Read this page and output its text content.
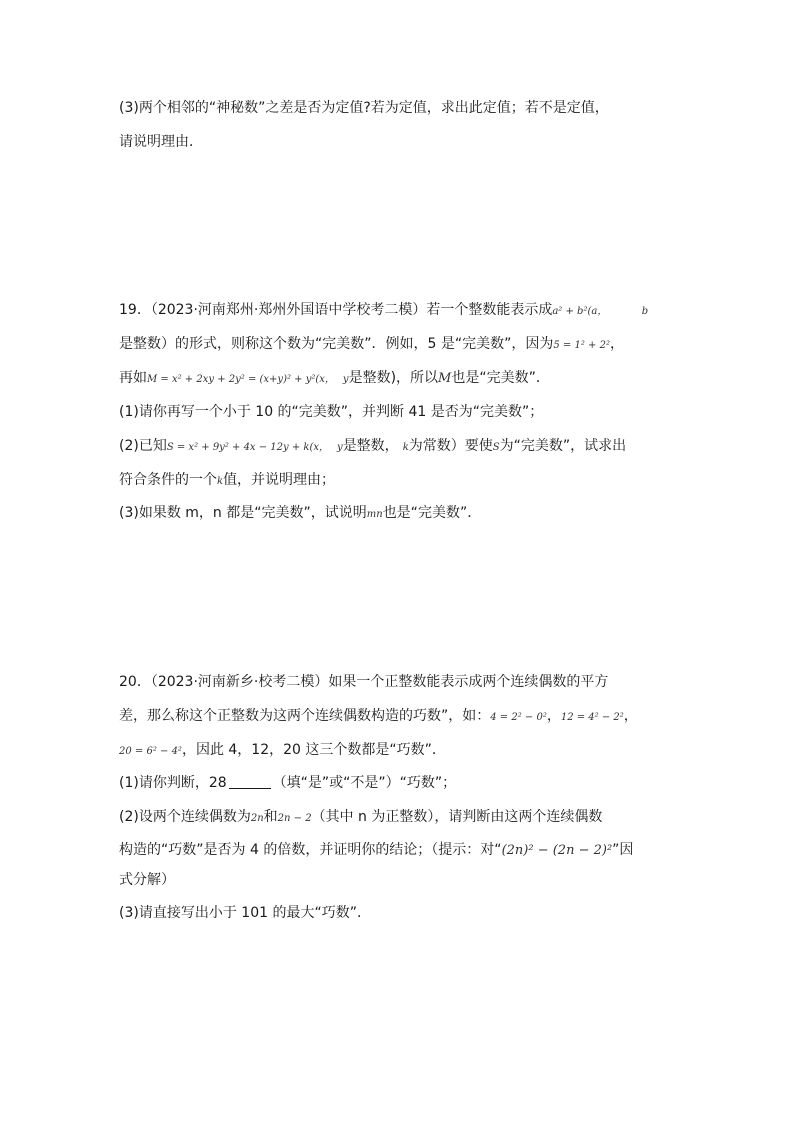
(3)两个相邻的“神秘数”之差是否为定值?若为定值，求出此定值；若不是定值，
请说明理由．
19．（2023·河南郑州·郑州外国语中学校考二模）若一个整数能表示成a² + b²(a，	b
是整数）的形式，则称这个数为“完美数”．例如，5 是“完美数”，因为5 = 1² + 2²，
再如M = x² + 2xy + 2y² = (x+y)² + y²(x， y是整数)，所以M也是“完美数”．
(1)请你再写一个小于 10 的“完美数”，并判断 41 是否为“完美数”；
(2)已知S = x² + 9y² + 4x − 12y + k(x， y是整数， k为常数）要使S为“完美数”，试求出
符合条件的一个k值，并说明理由；
(3)如果数 m，n 都是“完美数”，试说明mn也是“完美数”．
20．（2023·河南新乡·校考二模）如果一个正整数能表示成两个连续偶数的平方
差，那么称这个正整数为这两个连续偶数构造的巧数”，如：4 = 2² − 0²，12 = 4² − 2²，
20 = 6² − 4²，因此 4，12，20 这三个数都是“巧数”．
(1)请你判断，28	（填“是”或“不是”）“巧数”；
(2)设两个连续偶数为2n和2n − 2（其中 n 为正整数），请判断由这两个连续偶数
构造的“巧数”是否为 4 的倍数，并证明你的结论；（提示：对“(2n)² − (2n − 2)²”因
式分解）
(3)请直接写出小于 101 的最大“巧数”．
